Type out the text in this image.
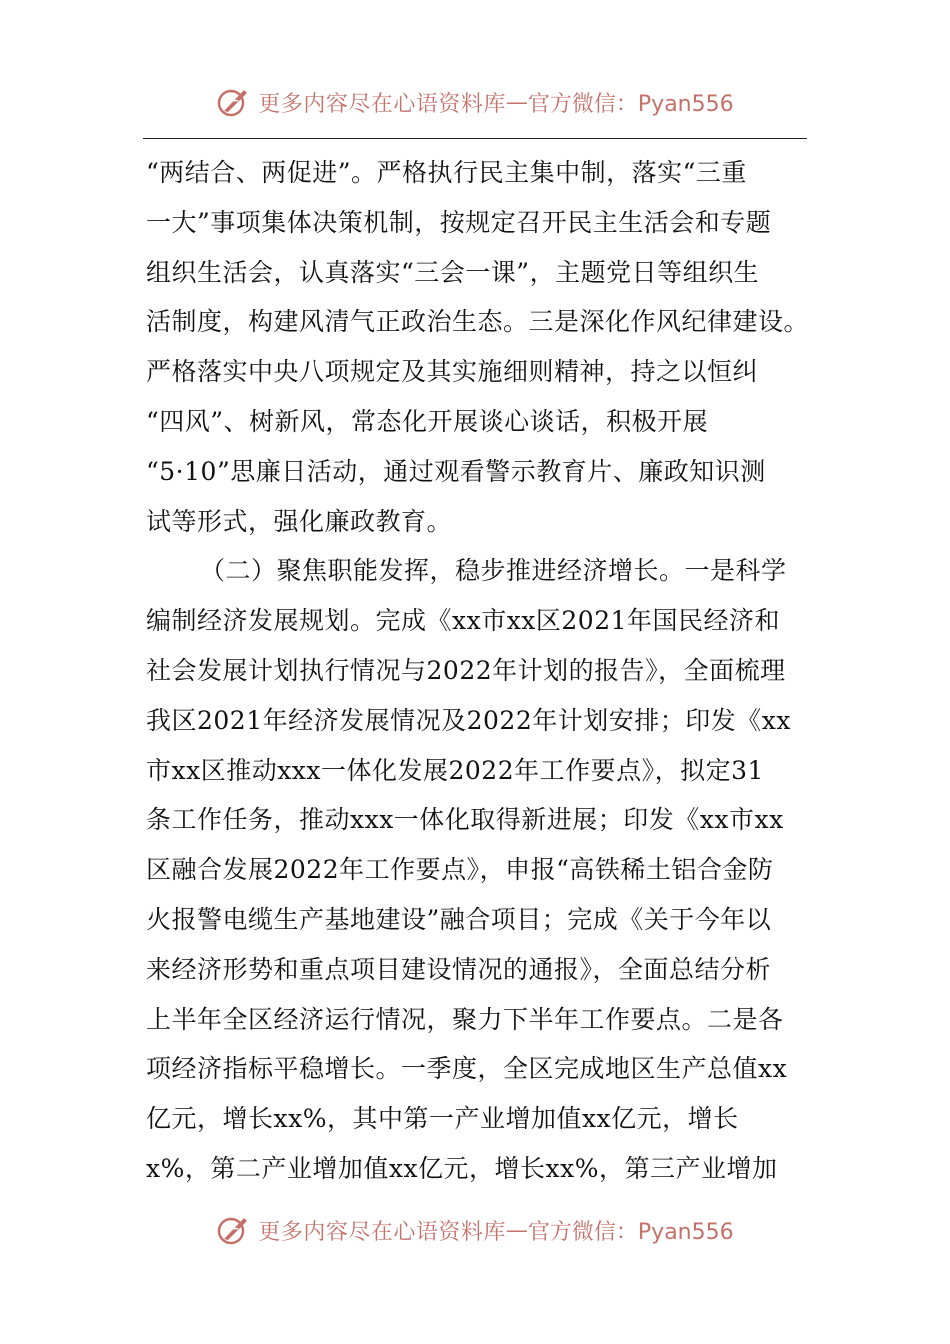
更多内容尽在心语资料库 — 官方微信：Pyan556
“两结合、两促进”。严格执行民主集中制，落实“三重
一大”事项集体决策机制，按规定召开民主生活会和专题
组织生活会，认真落实“三会一课”，主题党日等组织生
活制度，构建风清气正政治生态。三是深化作风纪律建设。
严格落实中央八项规定及其实施细则精神，持之以恒纠
“四风”、树新风，常态化开展谈心谈话，积极开展
“5·10”思廉日活动，通过观看警示教育片、廉政知识测
试等形式，强化廉政教育。
（二）聚焦职能发挥，稳步推进经济增长。一是科学
编制经济发展规划。完成《xx市xx区2021年国民经济和
社会发展计划执行情况与2022年计划的报告》，全面梳理
我区2021年经济发展情况及2022年计划安排；印发《xx
市xx区推动xxx一体化发展2022年工作要点》，拟定31
条工作任务，推动xxx一体化取得新进展；印发《xx市xx
区融合发展2022年工作要点》，申报“高铁稀土铝合金防
火报警电缆生产基地建设”融合项目；完成《关于今年以
来经济形势和重点项目建设情况的通报》，全面总结分析
上半年全区经济运行情况，聚力下半年工作要点。二是各
项经济指标平稳增长。一季度，全区完成地区生产总值xx
亿元，增长xx%，其中第一产业增加值xx亿元，增长
x%，第二产业增加值xx亿元，增长xx%，第三产业增加
更多内容尽在心语资料库 — 官方微信：Pyan556
